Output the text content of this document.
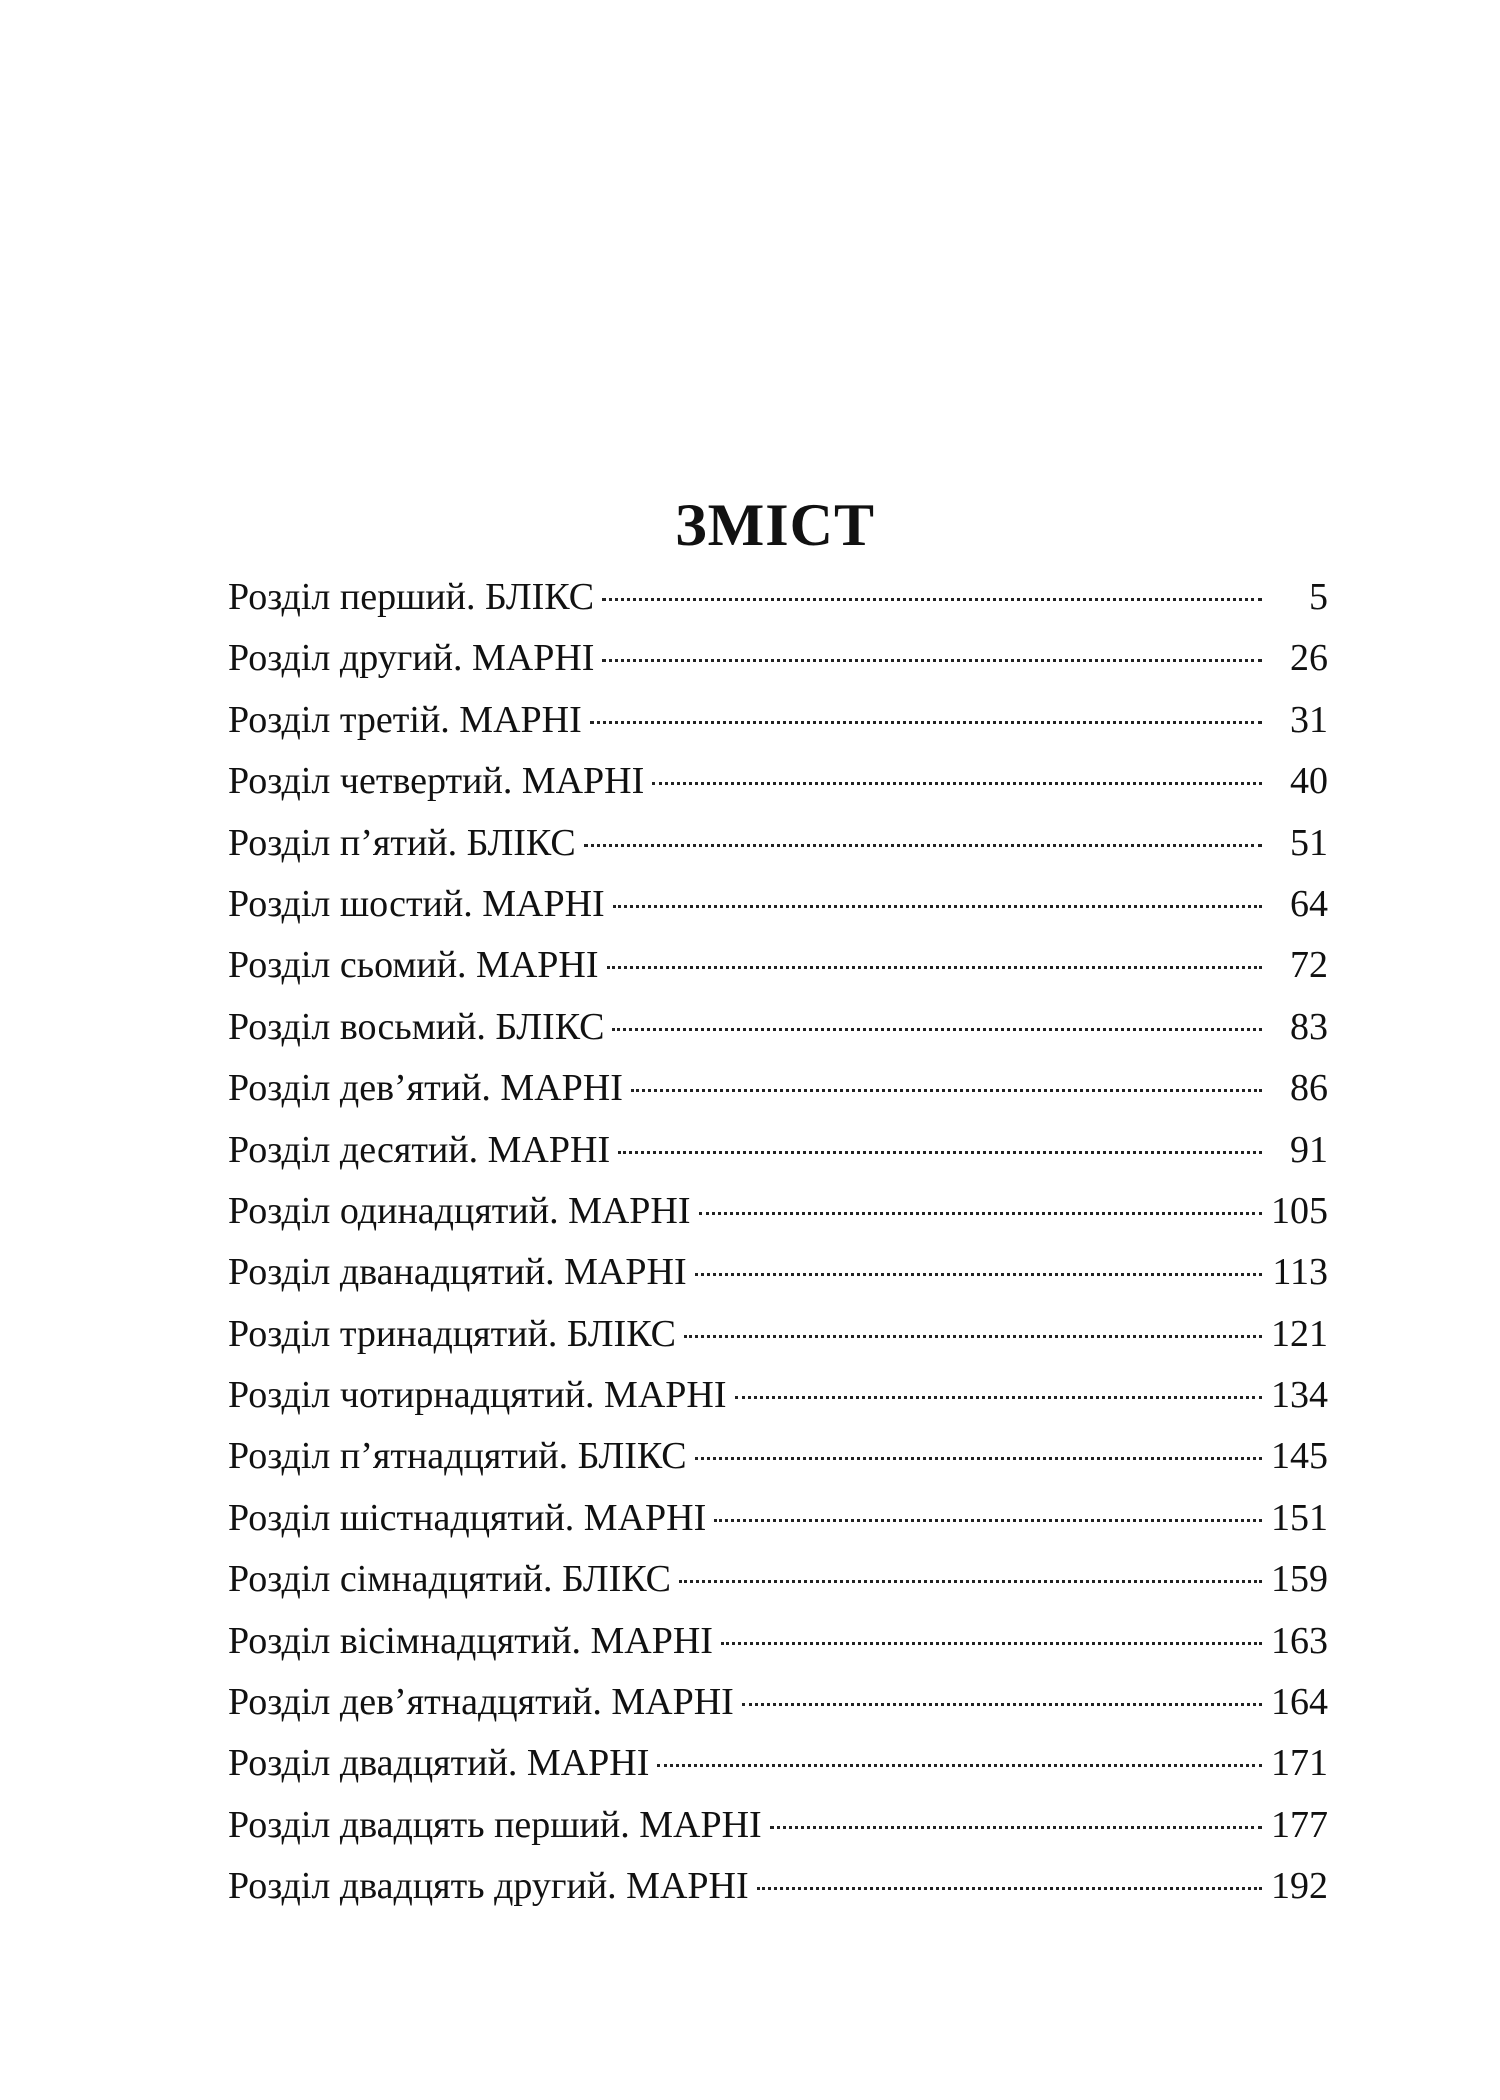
ЗМІСТ
Розділ перший. БЛІКС	5
Розділ другий. МАРНІ	26
Розділ третій. МАРНІ	31
Розділ четвертий. МАРНІ	40
Розділ п’ятий. БЛІКС	51
Розділ шостий. МАРНІ	64
Розділ сьомий. МАРНІ	72
Розділ восьмий. БЛІКС	83
Розділ дев’ятий. МАРНІ	86
Розділ десятий. МАРНІ	91
Розділ одинадцятий. МАРНІ	105
Розділ дванадцятий. МАРНІ	113
Розділ тринадцятий. БЛІКС	121
Розділ чотирнадцятий. МАРНІ	134
Розділ п’ятнадцятий. БЛІКС	145
Розділ шістнадцятий. МАРНІ	151
Розділ сімнадцятий. БЛІКС	159
Розділ вісімнадцятий. МАРНІ	163
Розділ дев’ятнадцятий. МАРНІ	164
Розділ двадцятий. МАРНІ	171
Розділ двадцять перший. МАРНІ	177
Розділ двадцять другий. МАРНІ	192
